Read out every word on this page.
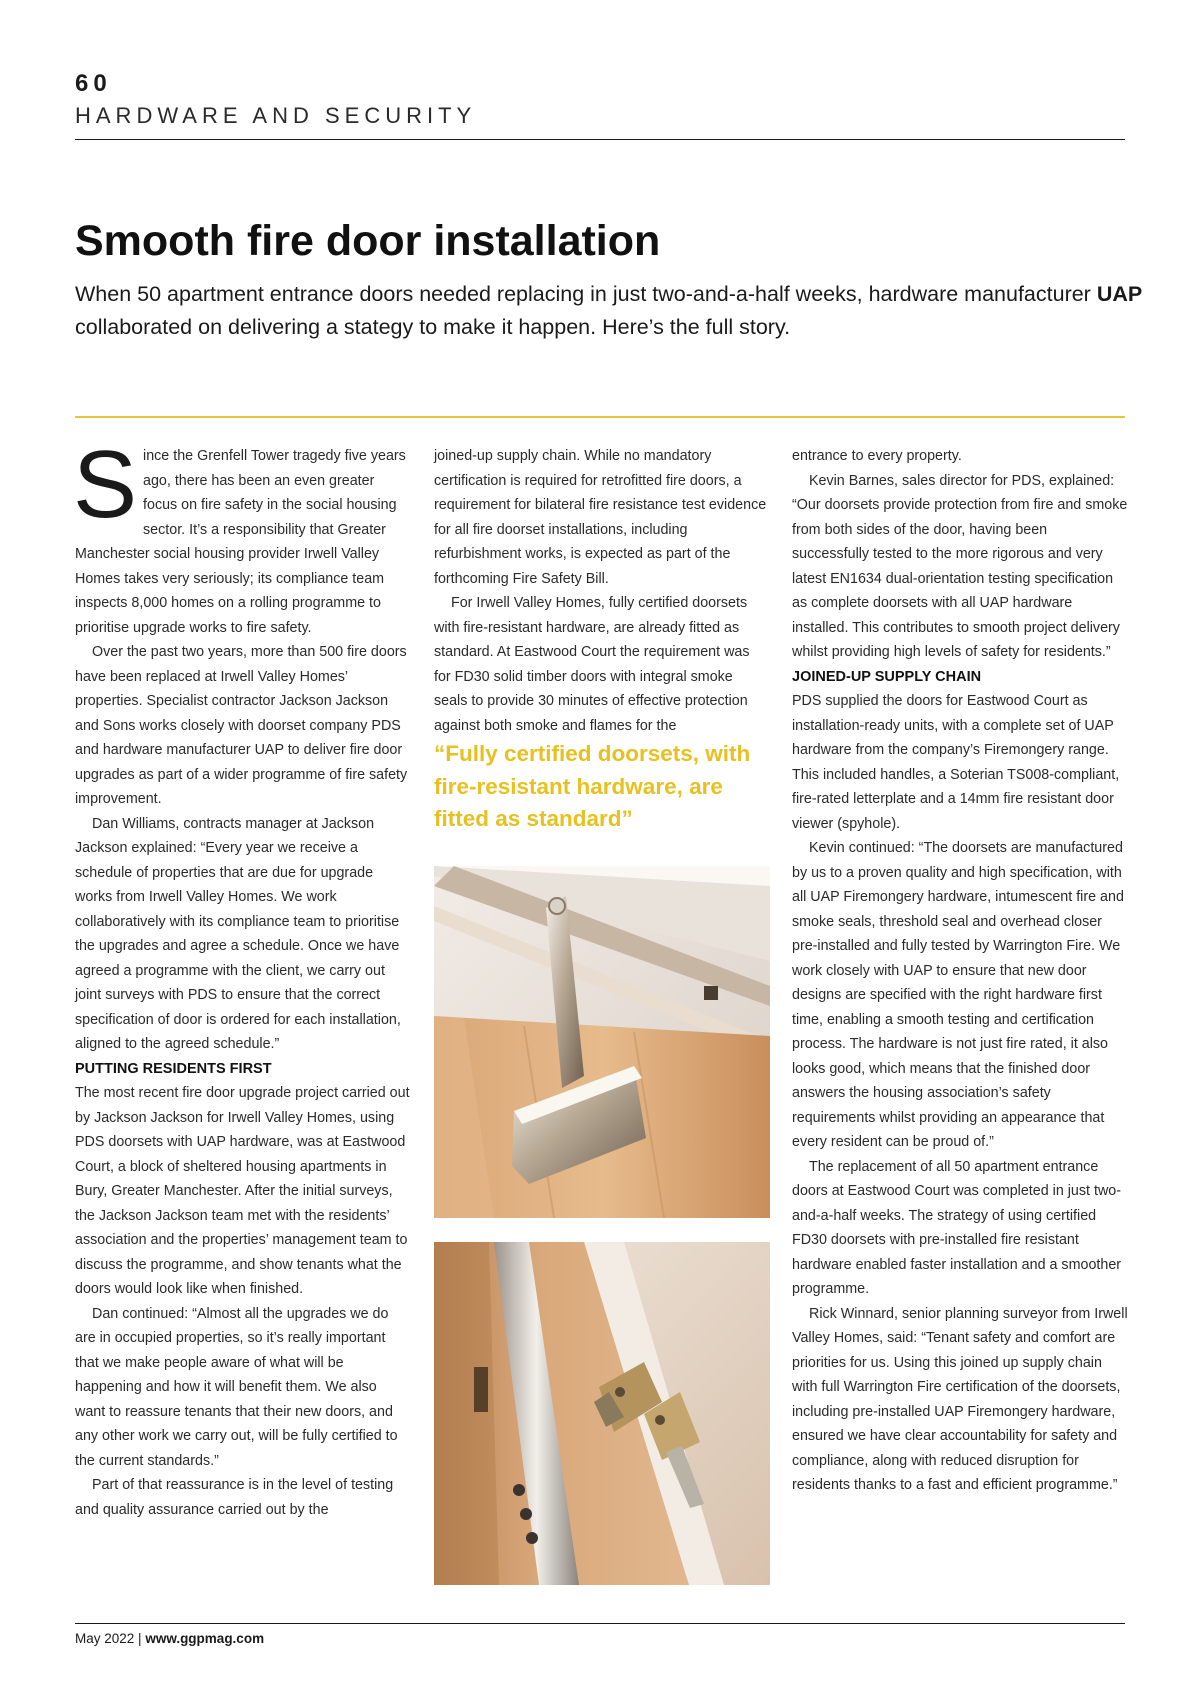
60
HARDWARE AND SECURITY
Smooth fire door installation

When 50 apartment entrance doors needed replacing in just two-and-a-half weeks, hardware manufacturer UAP collaborated on delivering a stategy to make it happen. Here’s the full story.

Since the Grenfell Tower tragedy five years ago, there has been an even greater focus on fire safety in the social housing sector. It’s a responsibility that Greater Manchester social housing provider Irwell Valley Homes takes very seriously; its compliance team inspects 8,000 homes on a rolling programme to prioritise upgrade works to fire safety.

Over the past two years, more than 500 fire doors have been replaced at Irwell Valley Homes’ properties. Specialist contractor Jackson Jackson and Sons works closely with doorset company PDS and hardware manufacturer UAP to deliver fire door upgrades as part of a wider programme of fire safety improvement.

Dan Williams, contracts manager at Jackson Jackson explained: “Every year we receive a schedule of properties that are due for upgrade works from Irwell Valley Homes. We work collaboratively with its compliance team to prioritise the upgrades and agree a schedule. Once we have agreed a programme with the client, we carry out joint surveys with PDS to ensure that the correct specification of door is ordered for each installation, aligned to the agreed schedule.”

PUTTING RESIDENTS FIRST

The most recent fire door upgrade project carried out by Jackson Jackson for Irwell Valley Homes, using PDS doorsets with UAP hardware, was at Eastwood Court, a block of sheltered housing apartments in Bury, Greater Manchester. After the initial surveys, the Jackson Jackson team met with the residents’ association and the properties’ management team to discuss the programme, and show tenants what the doors would look like when finished.

Dan continued: “Almost all the upgrades we do are in occupied properties, so it’s really important that we make people aware of what will be happening and how it will benefit them. We also want to reassure tenants that their new doors, and any other work we carry out, will be fully certified to the current standards.”

Part of that reassurance is in the level of testing and quality assurance carried out by the

joined-up supply chain. While no mandatory certification is required for retrofitted fire doors, a requirement for bilateral fire resistance test evidence for all fire doorset installations, including refurbishment works, is expected as part of the forthcoming Fire Safety Bill.

For Irwell Valley Homes, fully certified doorsets with fire-resistant hardware, are already fitted as standard. At Eastwood Court the requirement was for FD30 solid timber doors with integral smoke seals to provide 30 minutes of effective protection against both smoke and flames for the

“Fully certified doorsets, with fire-resistant hardware, are fitted as standard”

entrance to every property.

Kevin Barnes, sales director for PDS, explained: “Our doorsets provide protection from fire and smoke from both sides of the door, having been successfully tested to the more rigorous and very latest EN1634 dual-orientation testing specification as complete doorsets with all UAP hardware installed. This contributes to smooth project delivery whilst providing high levels of safety for residents.”

JOINED-UP SUPPLY CHAIN

PDS supplied the doors for Eastwood Court as installation-ready units, with a complete set of UAP hardware from the company’s Firemongery range. This included handles, a Soterian TS008-compliant, fire-rated letterplate and a 14mm fire resistant door viewer (spyhole).

Kevin continued: “The doorsets are manufactured by us to a proven quality and high specification, with all UAP Firemongery hardware, intumescent fire and smoke seals, threshold seal and overhead closer pre-installed and fully tested by Warrington Fire. We work closely with UAP to ensure that new door designs are specified with the right hardware first time, enabling a smooth testing and certification process. The hardware is not just fire rated, it also looks good, which means that the finished door answers the housing association’s safety requirements whilst providing an appearance that every resident can be proud of.”

The replacement of all 50 apartment entrance doors at Eastwood Court was completed in just two-and-a-half weeks. The strategy of using certified FD30 doorsets with pre-installed fire resistant hardware enabled faster installation and a smoother programme.

Rick Winnard, senior planning surveyor from Irwell Valley Homes, said: “Tenant safety and comfort are priorities for us. Using this joined up supply chain with full Warrington Fire certification of the doorsets, including pre-installed UAP Firemongery hardware, ensured we have clear accountability for safety and compliance, along with reduced disruption for residents thanks to a fast and efficient programme.”

May 2022 | www.ggpmag.com
